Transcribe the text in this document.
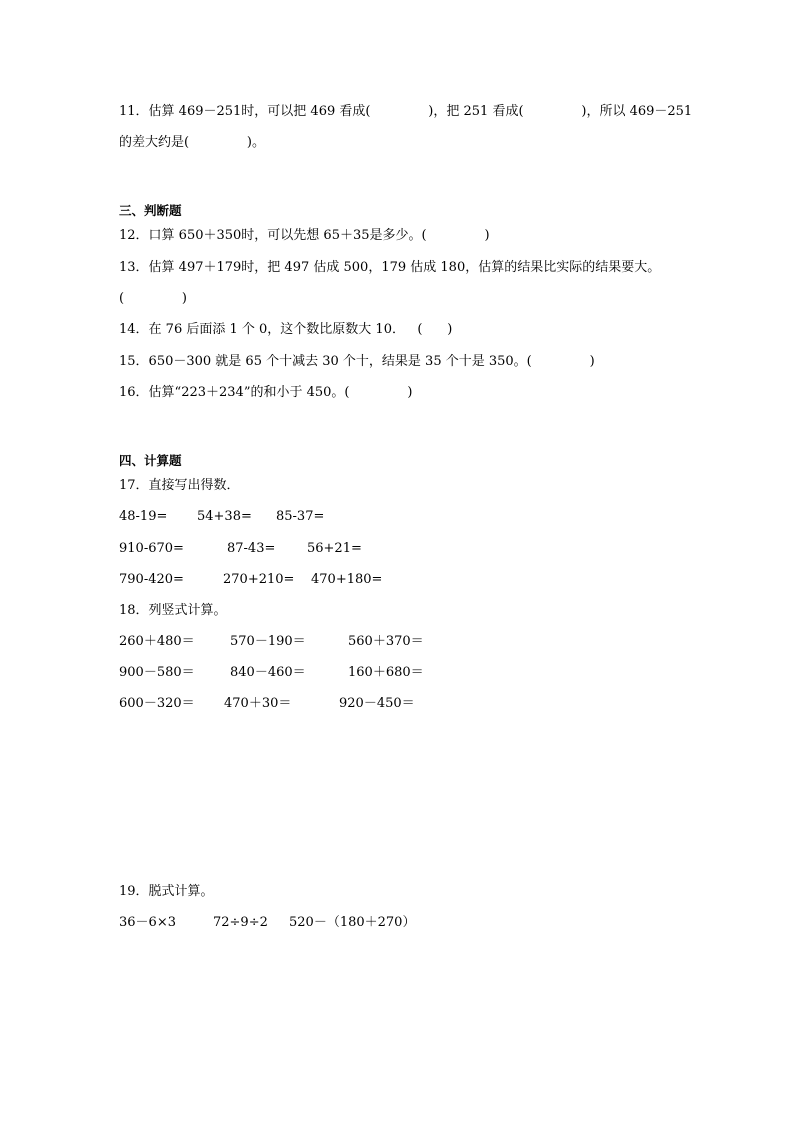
11．估算 469－251时，可以把 469 看成(              )，把 251 看成(              )，所以 469－251
的差大约是(              )。
三、判断题
12．口算 650＋350时，可以先想 65＋35是多少。(              )
13．估算 497＋179时，把 497 估成 500，179 估成 180，估算的结果比实际的结果要大。
(              )
14．在 76 后面添 1 个 0，这个数比原数大 10．   (      )
15．650－300 就是 65 个十减去 30 个十，结果是 35 个十是 350。(              )
16．估算“223＋234”的和小于 450。(              )
四、计算题
17．直接写出得数．
48-19= 54+38= 85-37=
910-670=	87-43= 56+21=
790-420=	270+210= 470+180=
18．列竖式计算。
260＋480＝	570－190＝	560＋370＝
900－580＝	840－460＝	160＋680＝
600－320＝ 470＋30＝	920－450＝
19．脱式计算。
36－6×3	72÷9÷2 520－（180＋270）
